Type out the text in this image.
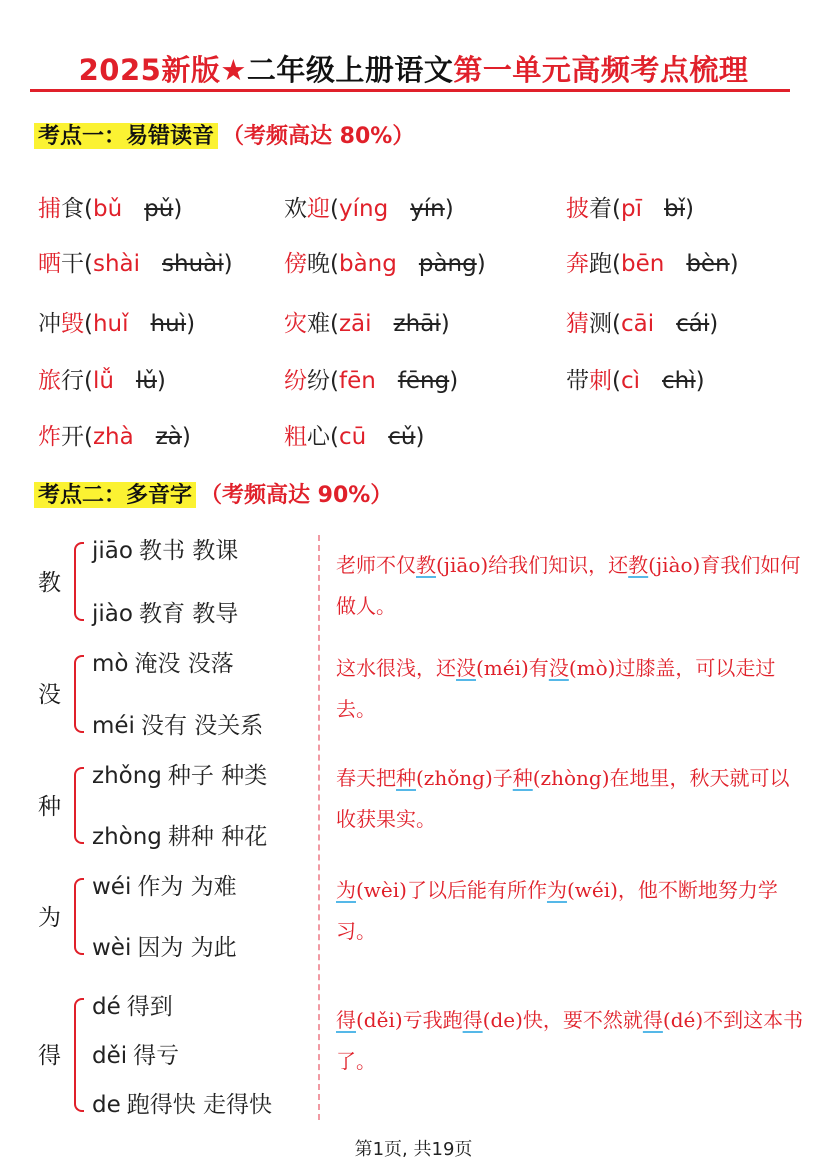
2025新版★二年级上册语文第一单元高频考点梳理
考点一：易错读音 （考频高达 80%）
捕食(bǔ pǔ)	欢迎(yíng yín)	披着(pī bǐ)
晒干(shài shuài) 傍晚(bàng pàng)	奔跑(bēn bèn)
冲毁(huǐ huì)	灾难(zāi zhāi)	猜测(cāi cái)
旅行(lǚ lǔ)	纷纷(fēn fēng)	带刺(cì chì)
炸开(zhà zà)	粗心(cū cǔ)
考点二：多音字 （考频高达 90%）
教
jiāo 教书 教课
jiào 教育 教导
老师不仅教(jiāo)给我们知识，还教(jiào)育我们如何做人。
没
mò 淹没 没落
méi 没有 没关系
这水很浅，还没(méi)有没(mò)过膝盖，可以走过去。
种
zhǒng 种子 种类
zhòng 耕种 种花
春天把种(zhǒng)子种(zhòng)在地里，秋天就可以收获果实。
为
wéi 作为 为难
wèi 因为 为此
为(wèi)了以后能有所作为(wéi)，他不断地努力学习。
得
dé 得到
děi 得亏
de 跑得快 走得快
得(děi)亏我跑得(de)快，要不然就得(dé)不到这本书了。
第1页, 共19页
